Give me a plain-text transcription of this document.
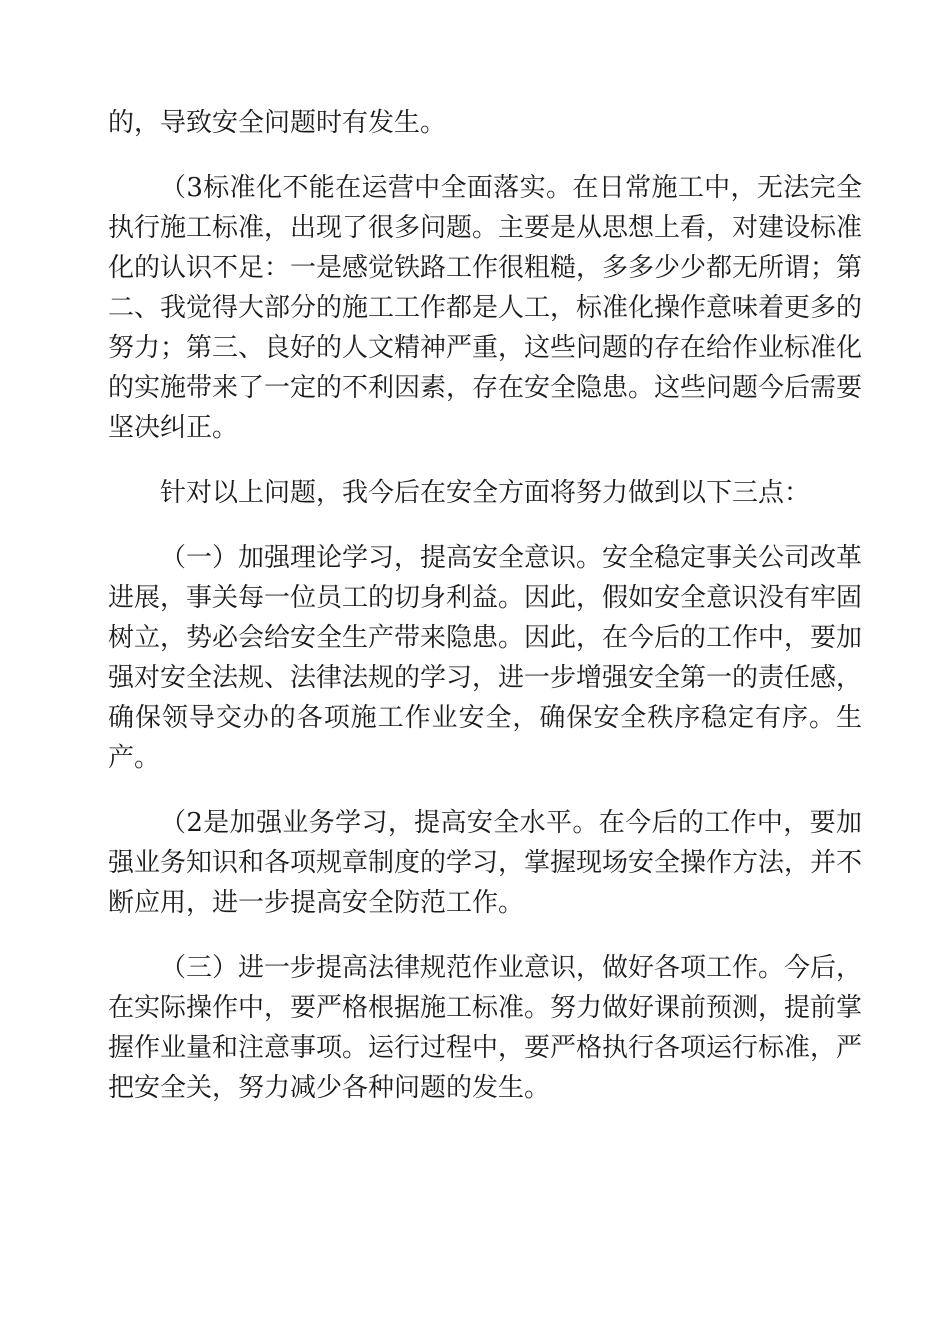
的，导致安全问题时有发生。

（3标准化不能在运营中全面落实。在日常施工中，无法完全执行施工标准，出现了很多问题。主要是从思想上看，对建设标准化的认识不足：一是感觉铁路工作很粗糙，多多少少都无所谓；第二、我觉得大部分的施工工作都是人工，标准化操作意味着更多的努力；第三、良好的人文精神严重，这些问题的存在给作业标准化的实施带来了一定的不利因素，存在安全隐患。这些问题今后需要坚决纠正。

针对以上问题，我今后在安全方面将努力做到以下三点：

（一）加强理论学习，提高安全意识。安全稳定事关公司改革进展，事关每一位员工的切身利益。因此，假如安全意识没有牢固树立，势必会给安全生产带来隐患。因此，在今后的工作中，要加强对安全法规、法律法规的学习，进一步增强安全第一的责任感，确保领导交办的各项施工作业安全，确保安全秩序稳定有序。生产。

（2是加强业务学习，提高安全水平。在今后的工作中，要加强业务知识和各项规章制度的学习，掌握现场安全操作方法，并不断应用，进一步提高安全防范工作。

（三）进一步提高法律规范作业意识，做好各项工作。今后，在实际操作中，要严格根据施工标准。努力做好课前预测，提前掌握作业量和注意事项。运行过程中，要严格执行各项运行标准，严把安全关，努力减少各种问题的发生。
